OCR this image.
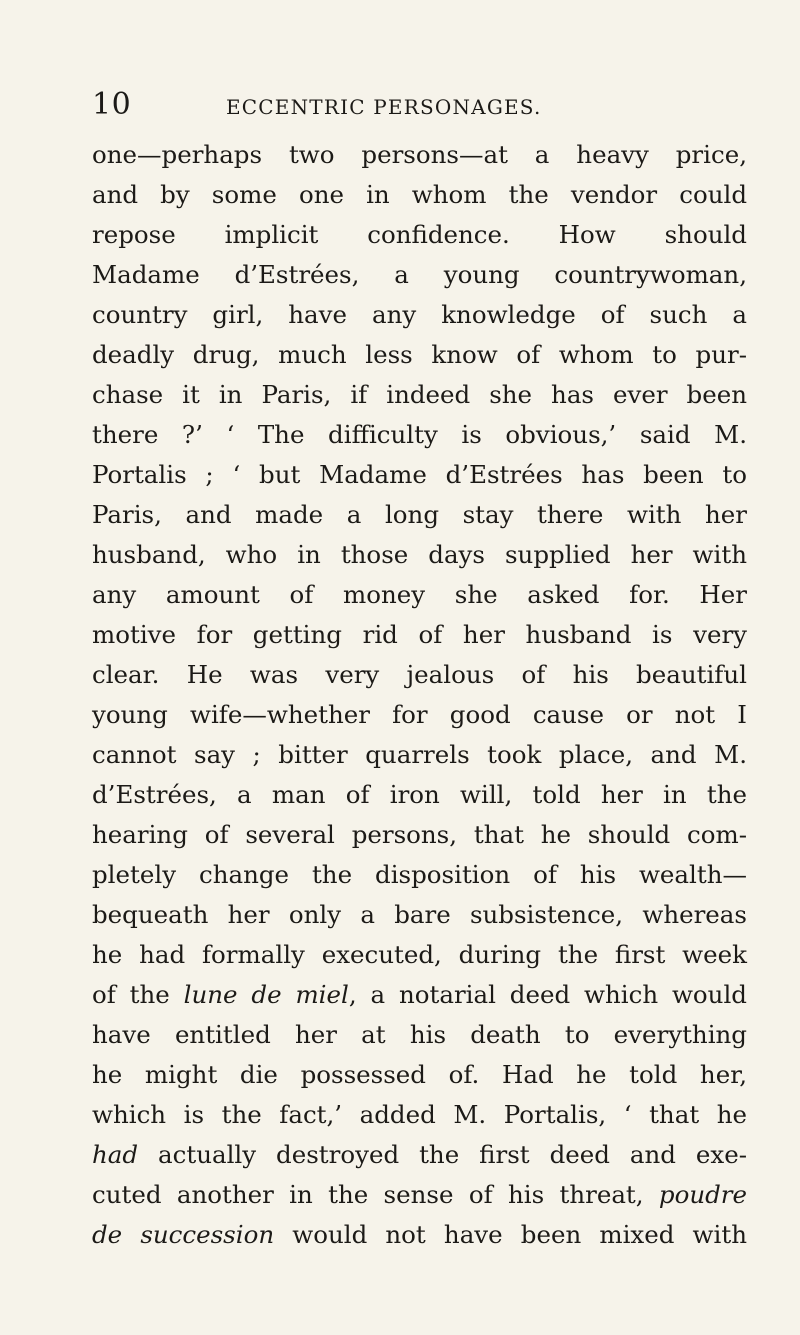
10	ECCENTRIC PERSONAGES.
one—perhaps two persons—at a heavy price,
and by some one in whom the vendor could
repose implicit confidence. How should
Madame d’Estrées, a young countrywoman,
country girl, have any knowledge of such a
deadly drug, much less know of whom to pur-
chase it in Paris, if indeed she has ever been
there ?’ ‘ The difficulty is obvious,’ said M.
Portalis ; ‘ but Madame d’Estrées has been to
Paris, and made a long stay there with her
husband, who in those days supplied her with
any amount of money she asked for. Her
motive for getting rid of her husband is very
clear. He was very jealous of his beautiful
young wife—whether for good cause or not I
cannot say ; bitter quarrels took place, and M.
d’Estrées, a man of iron will, told her in the
hearing of several persons, that he should com-
pletely change the disposition of his wealth—
bequeath her only a bare subsistence, whereas
he had formally executed, during the first week
of the lune de miel, a notarial deed which would
have entitled her at his death to everything
he might die possessed of. Had he told her,
which is the fact,’ added M. Portalis, ‘ that he
had actually destroyed the first deed and exe-
cuted another in the sense of his threat, poudre
de succession would not have been mixed with
